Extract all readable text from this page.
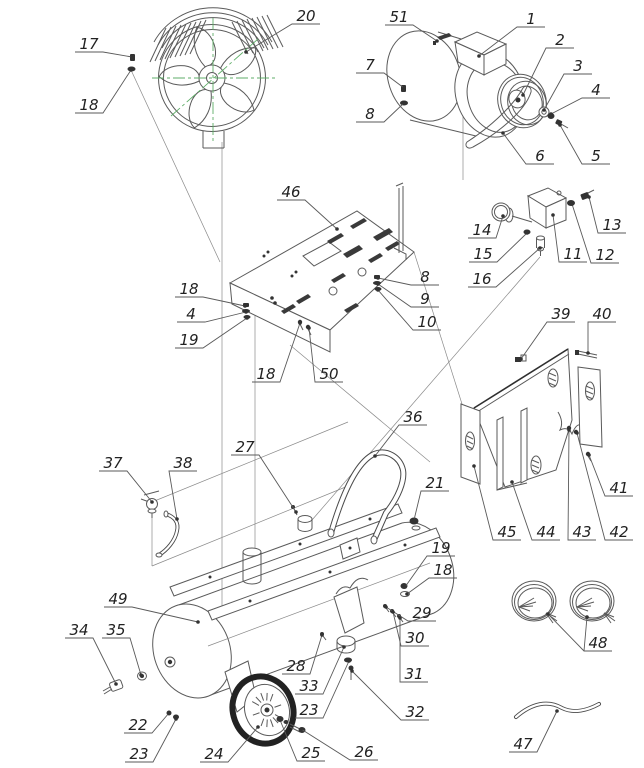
20
17
18
51	1
2
3
4
7
8
6	5
46
14	13
15	11 12
16
8
9
10
18
4
19
18	50
39 40
36
27
37	38
21	41
45 44 43 42
19
18
49
29
30
34 35
31
28
33
23	32
22
23	24	25 26
48
47
